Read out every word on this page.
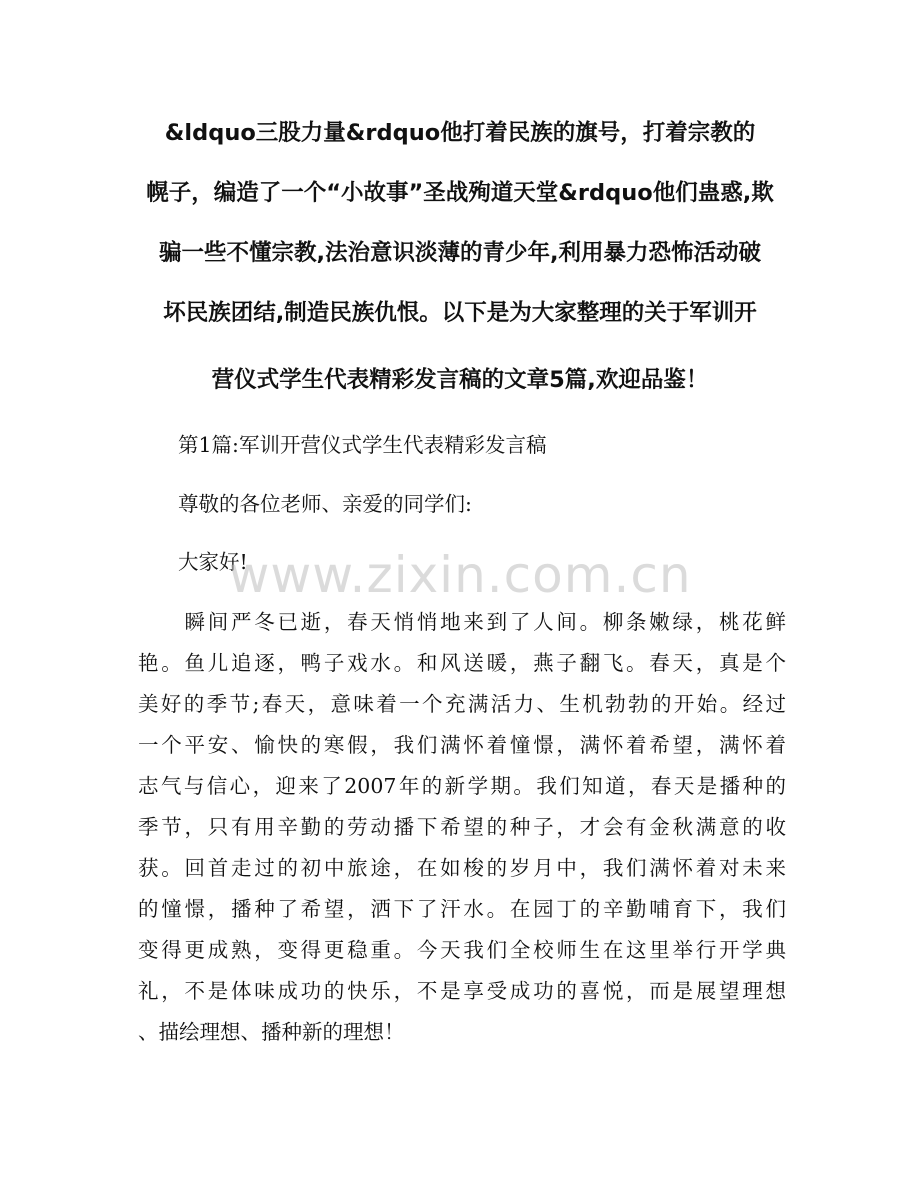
&ldquo三股力量&rdquo他打着民族的旗号，打着宗教的
幌子，编造了一个“小故事”圣战殉道天堂&rdquo他们蛊惑,欺
骗一些不懂宗教,法治意识淡薄的青少年,利用暴力恐怖活动破
坏民族团结,制造民族仇恨。以下是为大家整理的关于军训开
营仪式学生代表精彩发言稿的文章5篇,欢迎品鉴！
第1篇:军训开营仪式学生代表精彩发言稿
尊敬的各位老师、亲爱的同学们:
大家好!
www.zixin.com.cn
　　瞬间严冬已逝，春天悄悄地来到了人间。柳条嫩绿，桃花鲜
艳。鱼儿追逐，鸭子戏水。和风送暖，燕子翻飞。春天，真是个
美好的季节;春天，意味着一个充满活力、生机勃勃的开始。经过
一个平安、愉快的寒假，我们满怀着憧憬，满怀着希望，满怀着
志气与信心，迎来了2007年的新学期。我们知道，春天是播种的
季节，只有用辛勤的劳动播下希望的种子，才会有金秋满意的收
获。回首走过的初中旅途，在如梭的岁月中，我们满怀着对未来
的憧憬，播种了希望，洒下了汗水。在园丁的辛勤哺育下，我们
变得更成熟，变得更稳重。今天我们全校师生在这里举行开学典
礼，不是体味成功的快乐，不是享受成功的喜悦，而是展望理想
、描绘理想、播种新的理想！
